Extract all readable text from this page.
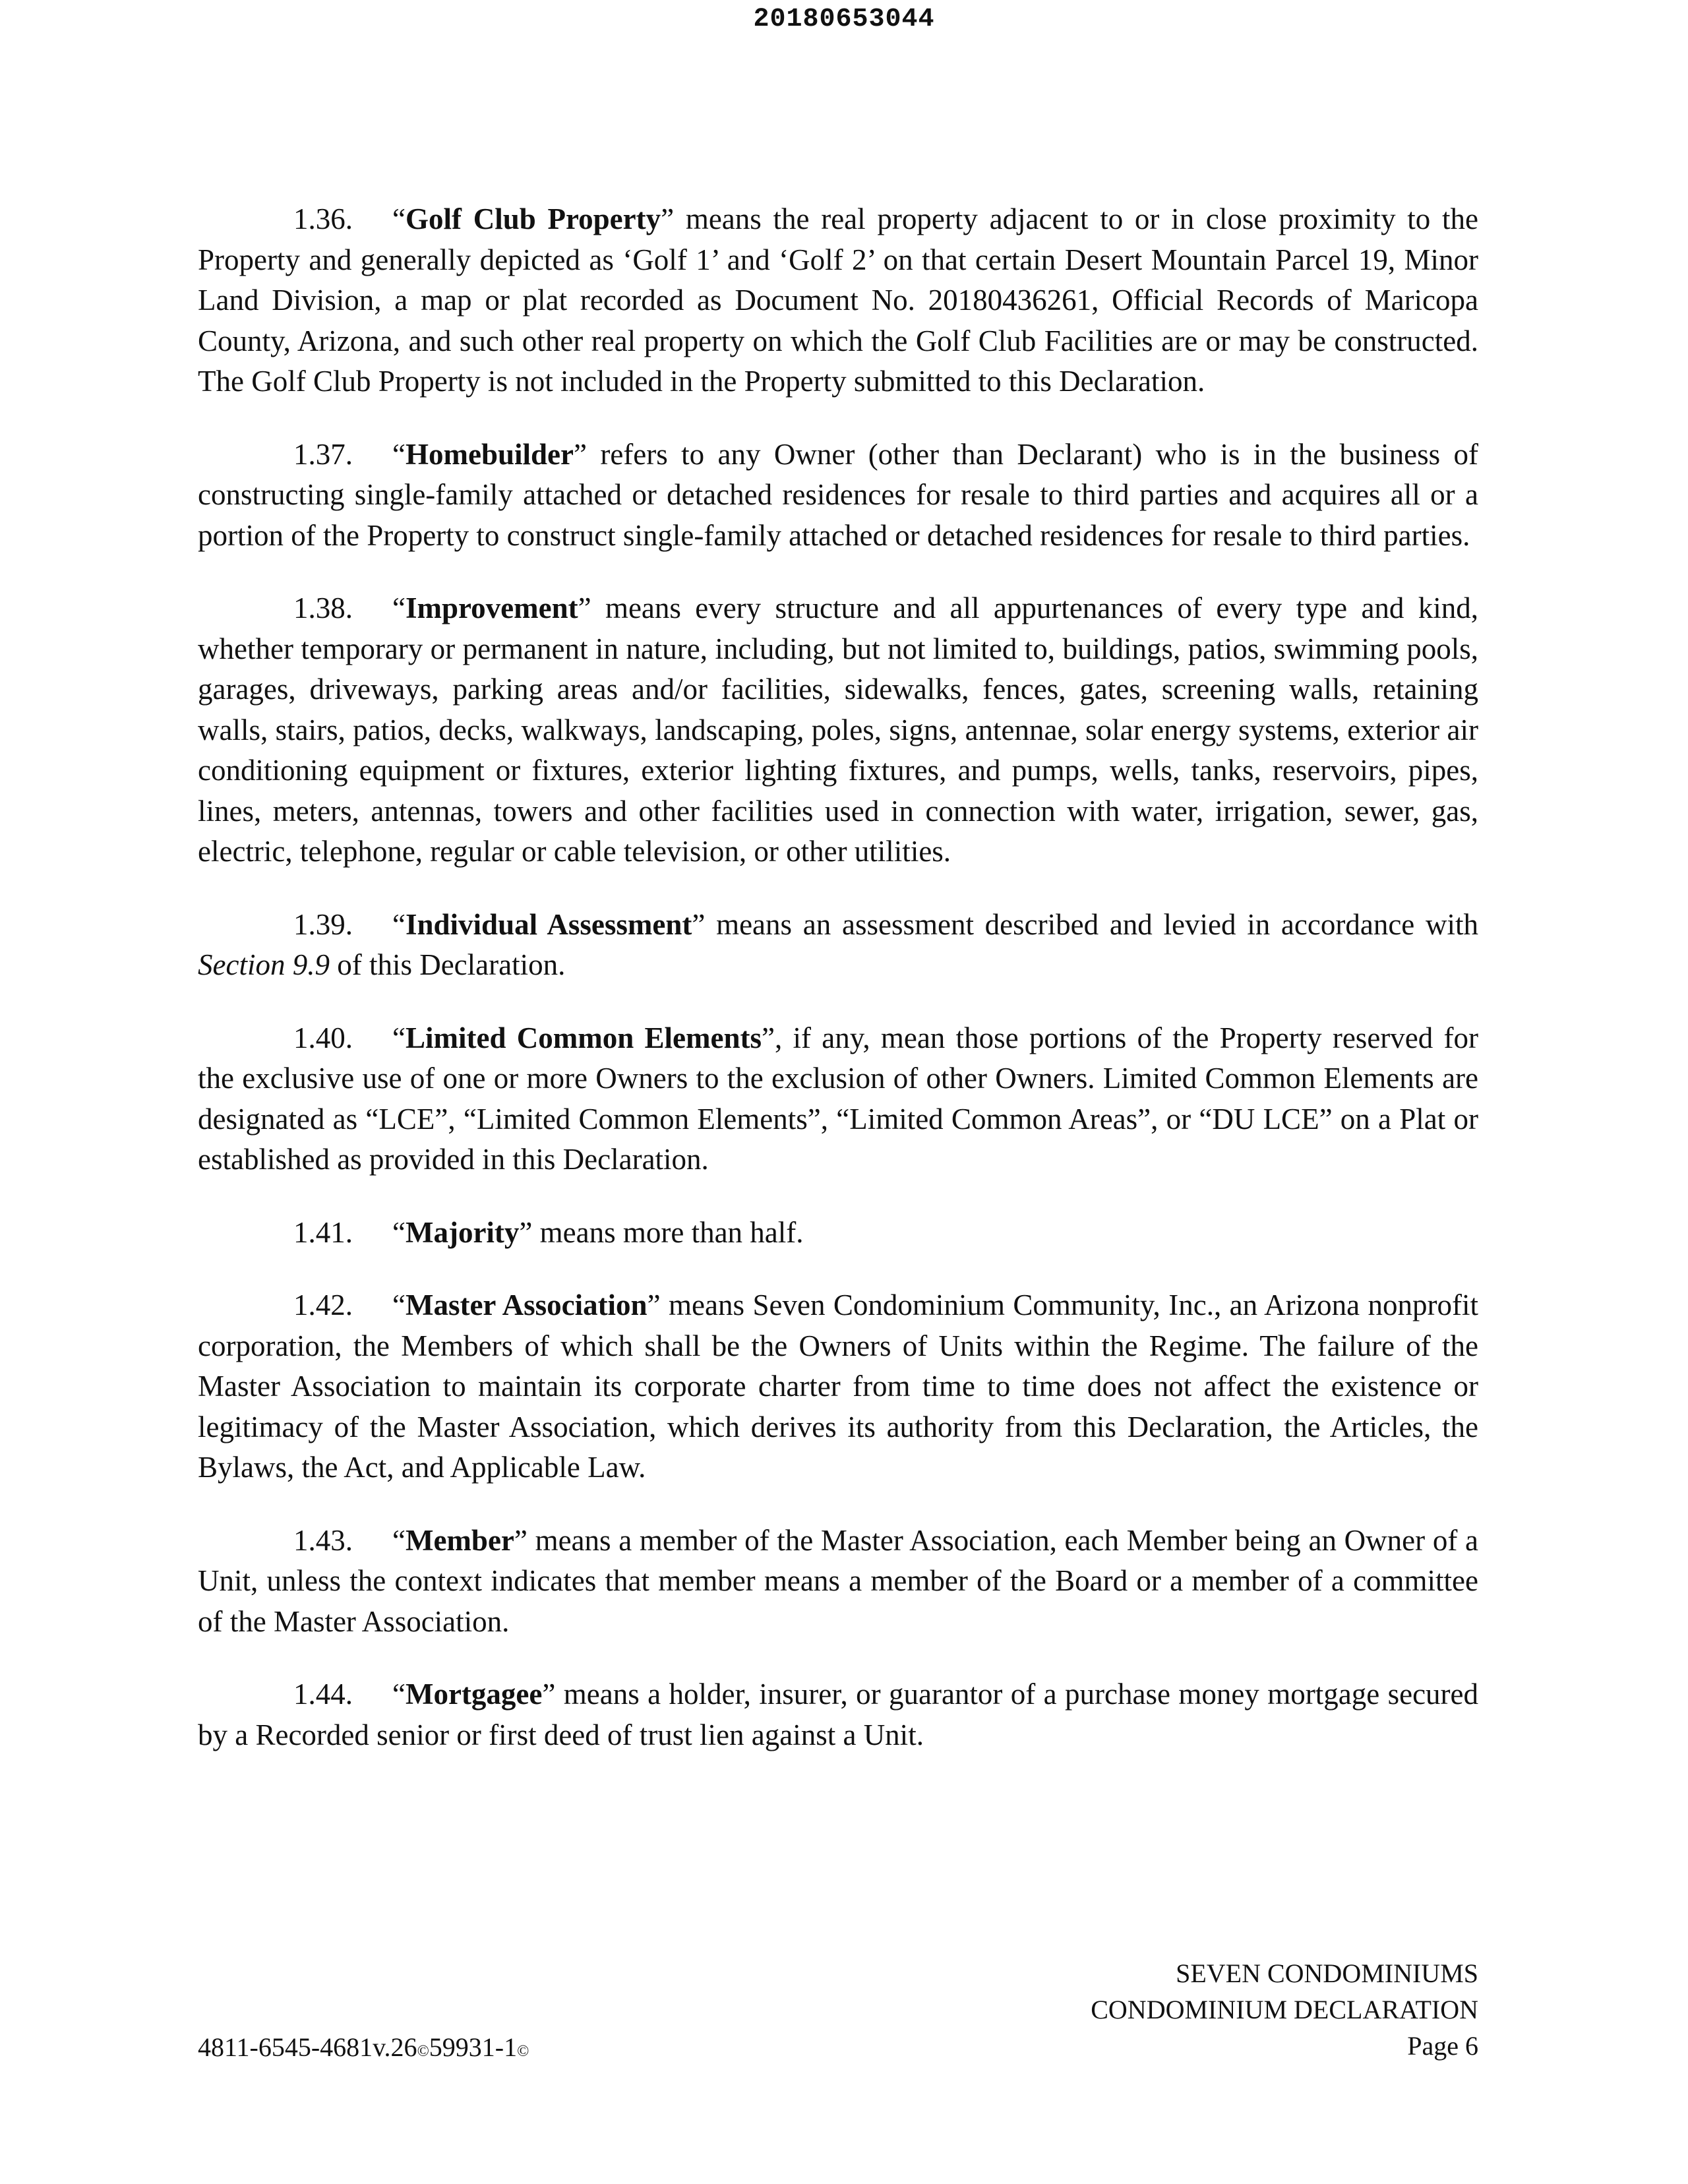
20180653044

1.36. “Golf Club Property” means the real property adjacent to or in close proximity to the Property and generally depicted as ‘Golf 1’ and ‘Golf 2’ on that certain Desert Mountain Parcel 19, Minor Land Division, a map or plat recorded as Document No. 20180436261, Official Records of Maricopa County, Arizona, and such other real property on which the Golf Club Facilities are or may be constructed. The Golf Club Property is not included in the Property submitted to this Declaration.

1.37. “Homebuilder” refers to any Owner (other than Declarant) who is in the business of constructing single-family attached or detached residences for resale to third parties and acquires all or a portion of the Property to construct single-family attached or detached residences for resale to third parties.

1.38. “Improvement” means every structure and all appurtenances of every type and kind, whether temporary or permanent in nature, including, but not limited to, buildings, patios, swimming pools, garages, driveways, parking areas and/or facilities, sidewalks, fences, gates, screening walls, retaining walls, stairs, patios, decks, walkways, landscaping, poles, signs, antennae, solar energy systems, exterior air conditioning equipment or fixtures, exterior lighting fixtures, and pumps, wells, tanks, reservoirs, pipes, lines, meters, antennas, towers and other facilities used in connection with water, irrigation, sewer, gas, electric, telephone, regular or cable television, or other utilities.

1.39. “Individual Assessment” means an assessment described and levied in accordance with Section 9.9 of this Declaration.

1.40. “Limited Common Elements”, if any, mean those portions of the Property reserved for the exclusive use of one or more Owners to the exclusion of other Owners. Limited Common Elements are designated as “LCE”, “Limited Common Elements”, “Limited Common Areas”, or “DU LCE” on a Plat or established as provided in this Declaration.

1.41. “Majority” means more than half.

1.42. “Master Association” means Seven Condominium Community, Inc., an Arizona nonprofit corporation, the Members of which shall be the Owners of Units within the Regime. The failure of the Master Association to maintain its corporate charter from time to time does not affect the existence or legitimacy of the Master Association, which derives its authority from this Declaration, the Articles, the Bylaws, the Act, and Applicable Law.

1.43. “Member” means a member of the Master Association, each Member being an Owner of a Unit, unless the context indicates that member means a member of the Board or a member of a committee of the Master Association.

1.44. “Mortgagee” means a holder, insurer, or guarantor of a purchase money mortgage secured by a Recorded senior or first deed of trust lien against a Unit.

SEVEN CONDOMINIUMS
CONDOMINIUM DECLARATION
Page 6
4811-6545-4681v.26©59931-1©
